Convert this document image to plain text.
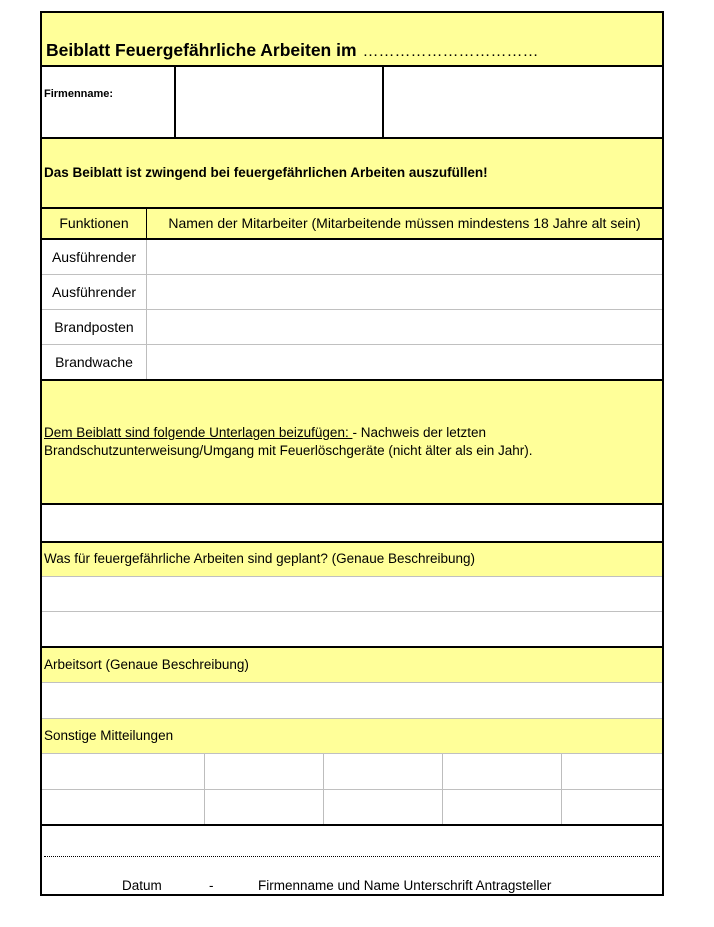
Beiblatt Feuergefährliche Arbeiten im ……………………………
Firmenname:
Das Beiblatt ist zwingend bei feuergefährlichen Arbeiten auszufüllen!
Funktionen	Namen der Mitarbeiter (Mitarbeitende müssen mindestens 18 Jahre alt sein)
Ausführender
Ausführender
Brandposten
Brandwache
Dem Beiblatt sind folgende Unterlagen beizufügen: - Nachweis der letzten
Brandschutzunterweisung/Umgang mit Feuerlöschgeräte (nicht älter als ein Jahr).
Was für feuergefährliche Arbeiten sind geplant? (Genaue Beschreibung)
Arbeitsort (Genaue Beschreibung)
Sonstige Mitteilungen
Datum	-	Firmenname und Name Unterschrift Antragsteller
